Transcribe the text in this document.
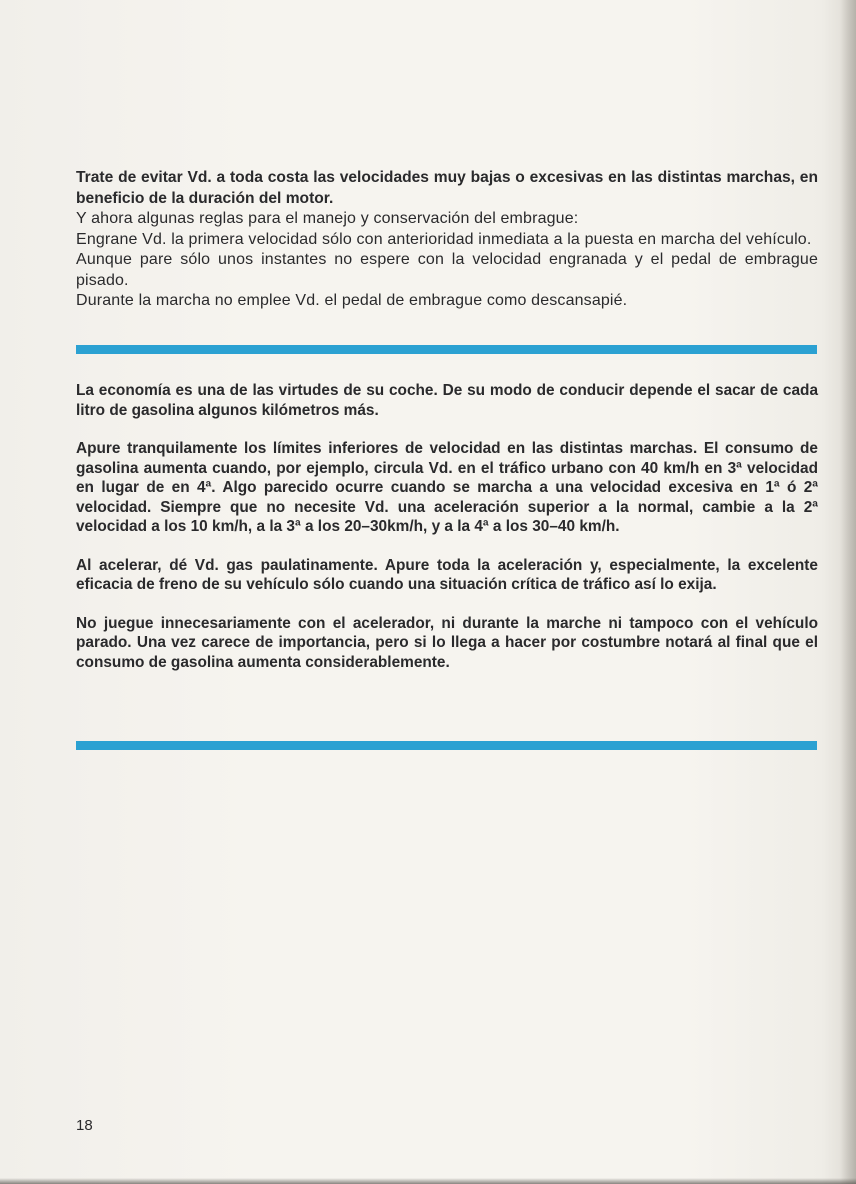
Trate de evitar Vd. a toda costa las velocidades muy bajas o excesivas en las distintas marchas, en beneficio de la duración del motor.

Y ahora algunas reglas para el manejo y conservación del embrague:

Engrane Vd. la primera velocidad sólo con anterioridad inmediata a la puesta en marcha del vehículo.

Aunque pare sólo unos instantes no espere con la velocidad engranada y el pedal de embrague pisado.

Durante la marcha no emplee Vd. el pedal de embrague como descansapié.

La economía es una de las virtudes de su coche. De su modo de conducir depende el sacar de cada litro de gasolina algunos kilómetros más.

Apure tranquilamente los límites inferiores de velocidad en las distintas marchas. El consumo de gasolina aumenta cuando, por ejemplo, circula Vd. en el tráfico urbano con 40 km/h en 3ª velocidad en lugar de en 4ª. Algo parecido ocurre cuando se marcha a una velocidad excesiva en 1ª ó 2ª velocidad. Siempre que no necesite Vd. una aceleración superior a la normal, cambie a la 2ª velocidad a los 10 km/h, a la 3ª a los 20–30km/h, y a la 4ª a los 30–40 km/h.

Al acelerar, dé Vd. gas paulatinamente. Apure toda la aceleración y, especialmente, la excelente eficacia de freno de su vehículo sólo cuando una situación crítica de tráfico así lo exija.

No juegue innecesariamente con el acelerador, ni durante la marche ni tampoco con el vehículo parado. Una vez carece de importancia, pero si lo llega a hacer por costumbre notará al final que el consumo de gasolina aumenta considerablemente.

18
